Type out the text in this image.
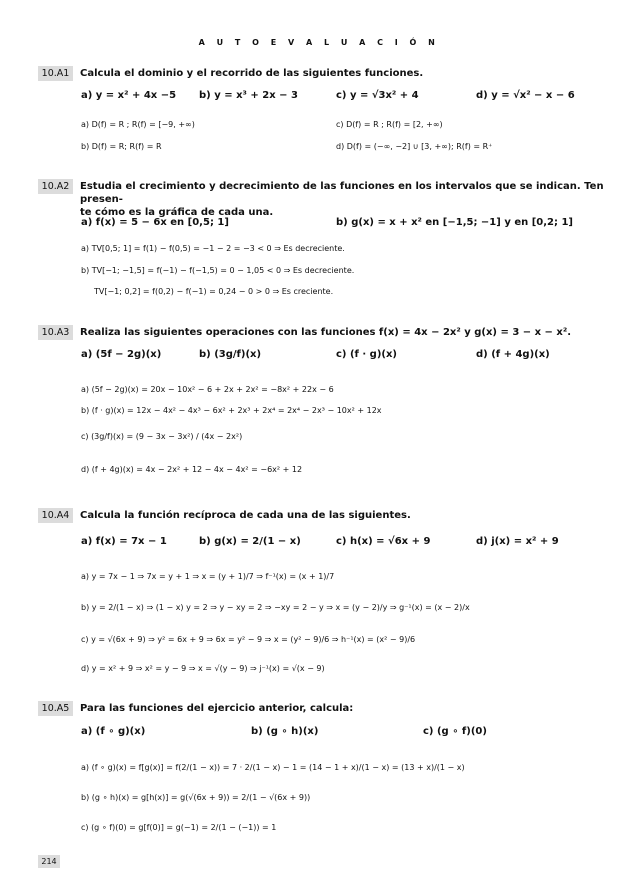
A U T O E V A L U A C I Ó N
10.A1	Calcula el dominio y el recorrido de las siguientes funciones.
a) y = x² + 4x −5 b) y = x³ + 2x − 3	c) y = √3x² + 4	d) y = √x² − x − 6
a) D(f) = R ; R(f) = [−9, +∞)	c) D(f) = R ; R(f) = [2, +∞)
b) D(f) = R; R(f) = R	d) D(f) = (−∞, −2] ∪ [3, +∞); R(f) = R⁺
10.A2	Estudia el crecimiento y decrecimiento de las funciones en los intervalos que se indican. Ten presen-
te cómo es la gráfica de cada una.
a) f(x) = 5 − 6x en [0,5; 1]	b) g(x) = x + x² en [−1,5; −1] y en [0,2; 1]
a) TV[0,5; 1] = f(1) − f(0,5) = −1 − 2 = −3 < 0 ⇒ Es decreciente.
b) TV[−1; −1,5] = f(−1) − f(−1,5) = 0 − 1,05 < 0 ⇒ Es decreciente.
TV[−1; 0,2] = f(0,2) − f(−1) = 0,24 − 0 > 0 ⇒ Es creciente.
10.A3	Realiza las siguientes operaciones con las funciones f(x) = 4x − 2x² y g(x) = 3 − x − x².
a) (5f − 2g)(x)	b) (3g/f)(x)	c) (f · g)(x)	d) (f + 4g)(x)
a) (5f − 2g)(x) = 20x − 10x² − 6 + 2x + 2x² = −8x² + 22x − 6
b) (f · g)(x) = 12x − 4x² − 4x³ − 6x² + 2x³ + 2x⁴ = 2x⁴ − 2x³ − 10x² + 12x
c) (3g/f)(x) = (9 − 3x − 3x²) / (4x − 2x²)
d) (f + 4g)(x) = 4x − 2x² + 12 − 4x − 4x² = −6x² + 12
10.A4	Calcula la función recíproca de cada una de las siguientes.
a) f(x) = 7x − 1	b) g(x) = 2/(1 − x)	c) h(x) = √6x + 9	d) j(x) = x² + 9
a) y = 7x − 1 ⇒ 7x = y + 1 ⇒ x = (y + 1)/7 ⇒ f⁻¹(x) = (x + 1)/7
b) y = 2/(1 − x) ⇒ (1 − x) y = 2 ⇒ y − xy = 2 ⇒ −xy = 2 − y ⇒ x = (y − 2)/y ⇒ g⁻¹(x) = (x − 2)/x
c) y = √(6x + 9) ⇒ y² = 6x + 9 ⇒ 6x = y² − 9 ⇒ x = (y² − 9)/6 ⇒ h⁻¹(x) = (x² − 9)/6
d) y = x² + 9 ⇒ x² = y − 9 ⇒ x = √(y − 9) ⇒ j⁻¹(x) = √(x − 9)
10.A5	Para las funciones del ejercicio anterior, calcula:
a) (f ∘ g)(x)	b) (g ∘ h)(x)	c) (g ∘ f)(0)
a) (f ∘ g)(x) = f[g(x)] = f(2/(1 − x)) = 7 · 2/(1 − x) − 1 = (14 − 1 + x)/(1 − x) = (13 + x)/(1 − x)
b) (g ∘ h)(x) = g[h(x)] = g(√(6x + 9)) = 2/(1 − √(6x + 9))
c) (g ∘ f)(0) = g[f(0)] = g(−1) = 2/(1 − (−1)) = 1
214
